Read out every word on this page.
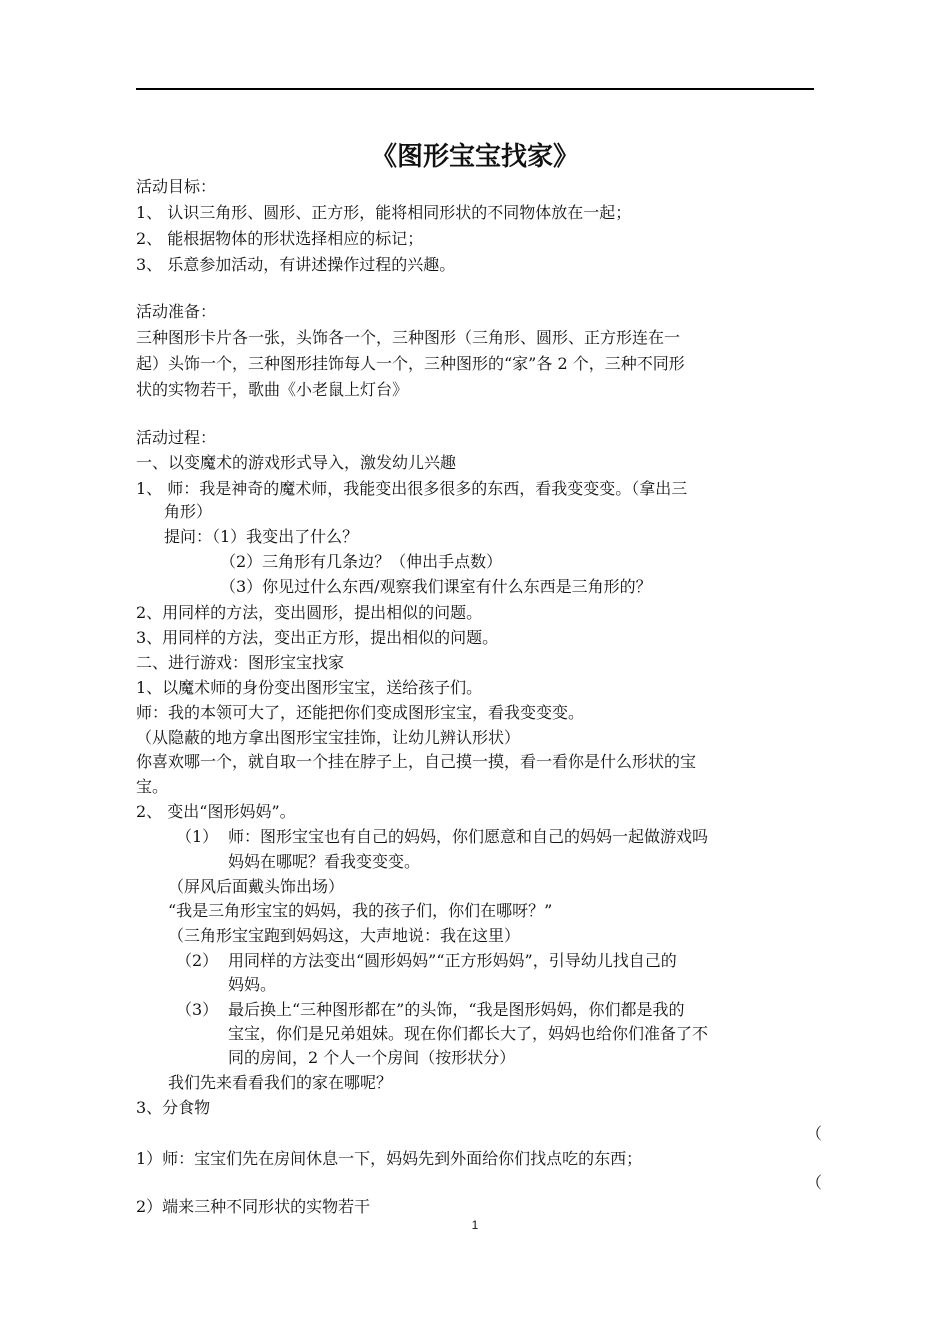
《图形宝宝找家》
活动目标：
1、 认识三角形、圆形、正方形，能将相同形状的不同物体放在一起；
2、 能根据物体的形状选择相应的标记；
3、 乐意参加活动，有讲述操作过程的兴趣。
活动准备：
三种图形卡片各一张，头饰各一个，三种图形（三角形、圆形、正方形连在一
起）头饰一个，三种图形挂饰每人一个，三种图形的“家”各 2 个，三种不同形
状的实物若干，歌曲《小老鼠上灯台》
活动过程：
一、以变魔术的游戏形式导入，激发幼儿兴趣
1、 师：我是神奇的魔术师，我能变出很多很多的东西，看我变变变。（拿出三
角形）
提问：（1）我变出了什么？
（2）三角形有几条边？（伸出手点数）
（3）你见过什么东西/观察我们课室有什么东西是三角形的？
2、用同样的方法，变出圆形，提出相似的问题。
3、用同样的方法，变出正方形，提出相似的问题。
二、进行游戏：图形宝宝找家
1、以魔术师的身份变出图形宝宝，送给孩子们。
师：我的本领可大了，还能把你们变成图形宝宝，看我变变变。
（从隐蔽的地方拿出图形宝宝挂饰，让幼儿辨认形状）
你喜欢哪一个，就自取一个挂在脖子上，自己摸一摸，看一看你是什么形状的宝
宝。
2、 变出“图形妈妈”。
（1） 师：图形宝宝也有自己的妈妈，你们愿意和自己的妈妈一起做游戏吗
妈妈在哪呢？看我变变变。
（屏风后面戴头饰出场）
“我是三角形宝宝的妈妈，我的孩子们，你们在哪呀？”
（三角形宝宝跑到妈妈这，大声地说：我在这里）
（2） 用同样的方法变出“圆形妈妈”“正方形妈妈”，引导幼儿找自己的
妈妈。
（3） 最后换上“三种图形都在”的头饰，“我是图形妈妈，你们都是我的
宝宝，你们是兄弟姐妹。现在你们都长大了，妈妈也给你们准备了不
同的房间，2 个人一个房间（按形状分）
我们先来看看我们的家在哪呢？
3、分食物
（
1）师：宝宝们先在房间休息一下，妈妈先到外面给你们找点吃的东西；
（
2）端来三种不同形状的实物若干
1
